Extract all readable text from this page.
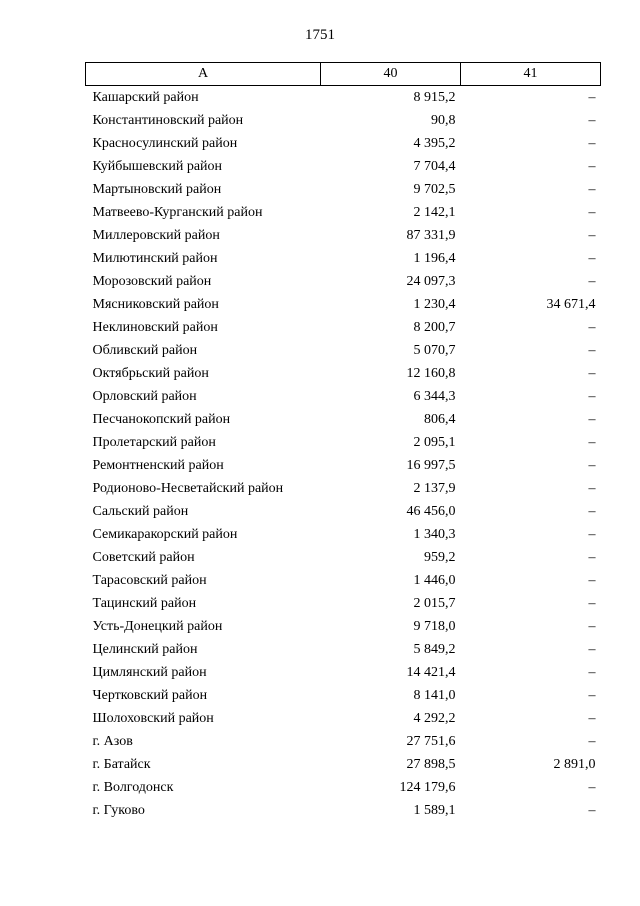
1751
А	40	41
Кашарский район	8 915,2	–
Константиновский район	90,8	–
Красносулинский район	4 395,2	–
Куйбышевский район	7 704,4	–
Мартыновский район	9 702,5	–
Матвеево-Курганский район	2 142,1	–
Миллеровский район	87 331,9	–
Милютинский район	1 196,4	–
Морозовский район	24 097,3	–
Мясниковский район	1 230,4	34 671,4
Неклиновский район	8 200,7	–
Обливский район	5 070,7	–
Октябрьский район	12 160,8	–
Орловский район	6 344,3	–
Песчанокопский район	806,4	–
Пролетарский район	2 095,1	–
Ремонтненский район	16 997,5	–
Родионово-Несветайский район	2 137,9	–
Сальский район	46 456,0	–
Семикаракорский район	1 340,3	–
Советский район	959,2	–
Тарасовский район	1 446,0	–
Тацинский район	2 015,7	–
Усть-Донецкий район	9 718,0	–
Целинский район	5 849,2	–
Цимлянский район	14 421,4	–
Чертковский район	8 141,0	–
Шолоховский район	4 292,2	–
г. Азов	27 751,6	–
г. Батайск	27 898,5	2 891,0
г. Волгодонск	124 179,6	–
г. Гуково	1 589,1	–
